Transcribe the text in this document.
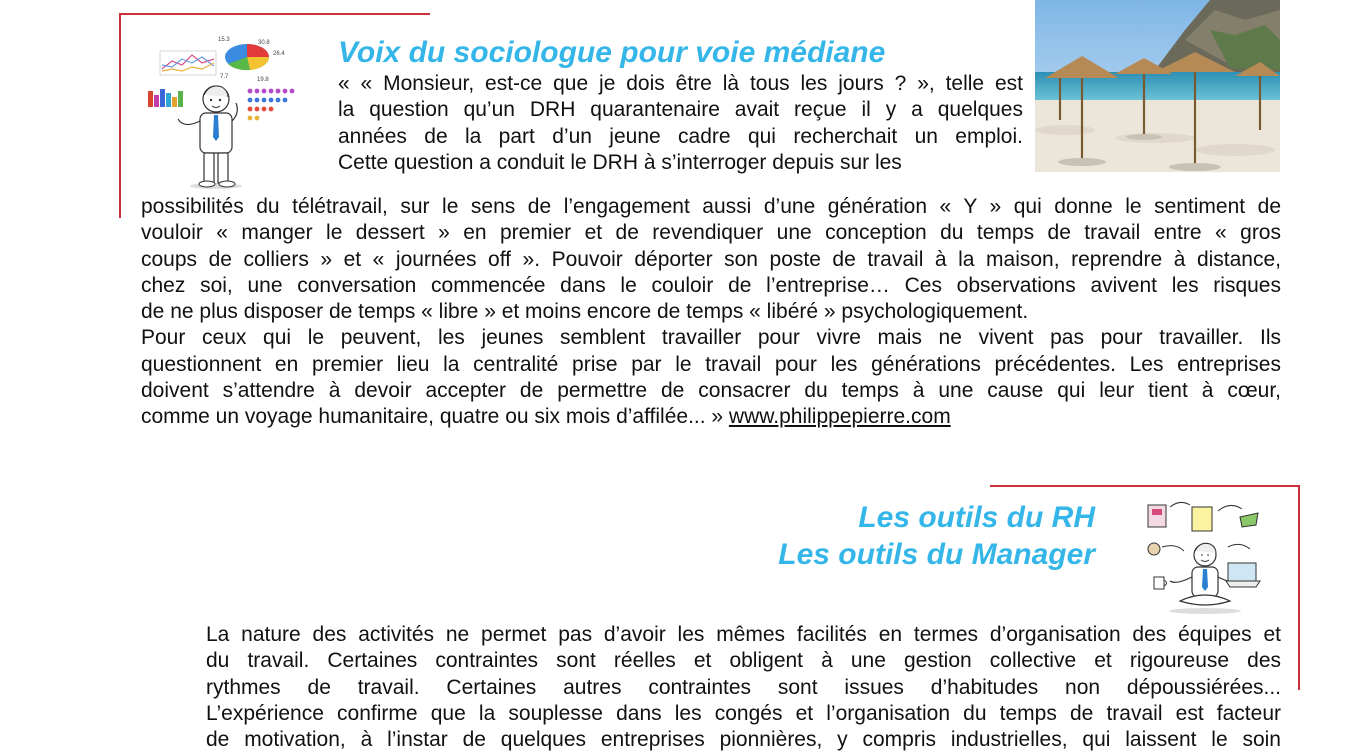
15.3	30.8
26.4
7.7	19.8
Voix du sociologue pour voie médiane
« « Monsieur, est-ce que je dois être là tous les jours ? », telle est
la question qu’un DRH quarantenaire avait reçue il y a quelques
années de la part d’un jeune cadre qui recherchait un emploi.
Cette question a conduit le DRH à s’interroger depuis sur les
possibilités du télétravail, sur le sens de l’engagement aussi d’une génération « Y » qui donne le sentiment de
vouloir « manger le dessert » en premier et de revendiquer une conception du temps de travail entre « gros
coups de colliers » et « journées off ». Pouvoir déporter son poste de travail à la maison, reprendre à distance,
chez soi, une conversation commencée dans le couloir de l’entreprise… Ces observations avivent les risques
de ne plus disposer de temps « libre » et moins encore de temps « libéré » psychologiquement.
Pour ceux qui le peuvent, les jeunes semblent travailler pour vivre mais ne vivent pas pour travailler. Ils
questionnent en premier lieu la centralité prise par le travail pour les générations précédentes. Les entreprises
doivent s’attendre à devoir accepter de permettre de consacrer du temps à une cause qui leur tient à cœur,
comme un voyage humanitaire, quatre ou six mois d’affilée... » www.philippepierre.com
Les outils du RH
Les outils du Manager
La nature des activités ne permet pas d’avoir les mêmes facilités en termes d’organisation des équipes et
du travail. Certaines contraintes sont réelles et obligent à une gestion collective et rigoureuse des
rythmes de travail. Certaines autres contraintes sont issues d’habitudes non dépoussiérées...
L’expérience confirme que la souplesse dans les congés et l’organisation du temps de travail est facteur
de motivation, à l’instar de quelques entreprises pionnières, y compris industrielles, qui laissent le soin
